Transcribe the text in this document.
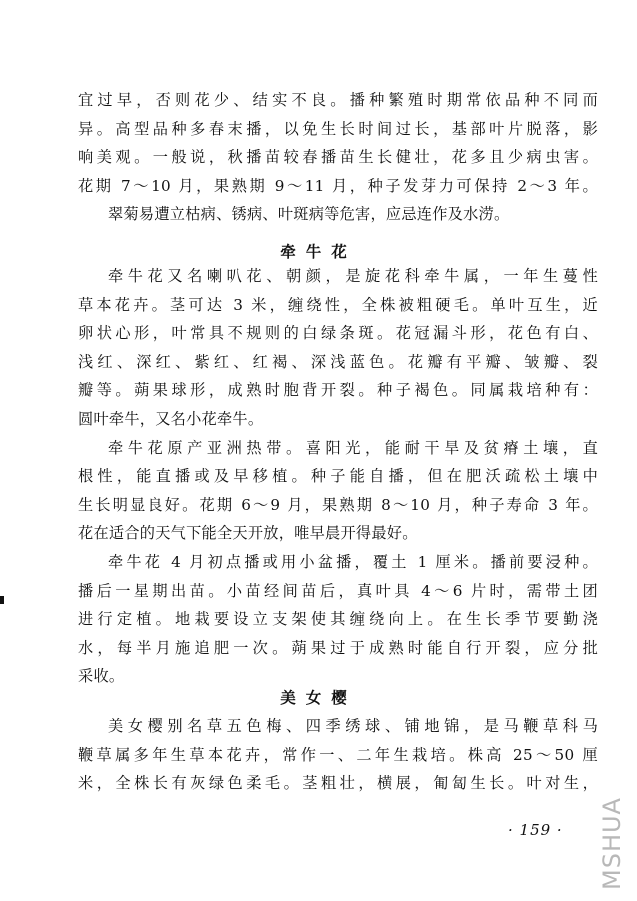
宜过早，否则花少、结实不良。播种繁殖时期常依品种不同而
异。高型品种多春末播，以免生长时间过长，基部叶片脱落，影
响美观。一般说，秋播苗较春播苗生长健壮，花多且少病虫害。
花期 7～10 月，果熟期 9～11 月，种子发芽力可保持 2～3 年。
翠菊易遭立枯病、锈病、叶斑病等危害，应忌连作及水涝。
牵牛花
牵牛花又名喇叭花、朝颜，是旋花科牵牛属，一年生蔓性
草本花卉。茎可达 3 米，缠绕性，全株被粗硬毛。单叶互生，近
卵状心形，叶常具不规则的白绿条斑。花冠漏斗形，花色有白、
浅红、深红、紫红、红褐、深浅蓝色。花瓣有平瓣、皱瓣、裂
瓣等。蒴果球形，成熟时胞背开裂。种子褐色。同属栽培种有：
圆叶牵牛，又名小花牵牛。
牵牛花原产亚洲热带。喜阳光，能耐干旱及贫瘠土壤，直
根性，能直播或及早移植。种子能自播，但在肥沃疏松土壤中
生长明显良好。花期 6～9 月，果熟期 8～10 月，种子寿命 3 年。
花在适合的天气下能全天开放，唯早晨开得最好。
牵牛花 4 月初点播或用小盆播，覆土 1 厘米。播前要浸种。
播后一星期出苗。小苗经间苗后，真叶具 4～6 片时，需带土团
进行定植。地栽要设立支架使其缠绕向上。在生长季节要勤浇
水，每半月施追肥一次。蒴果过于成熟时能自行开裂，应分批
采收。
美女樱
美女樱别名草五色梅、四季绣球、铺地锦，是马鞭草科马
鞭草属多年生草本花卉，常作一、二年生栽培。株高 25～50 厘
米，全株长有灰绿色柔毛。茎粗壮，横展，匍匐生长。叶对生，
· 159 · MSHUA
